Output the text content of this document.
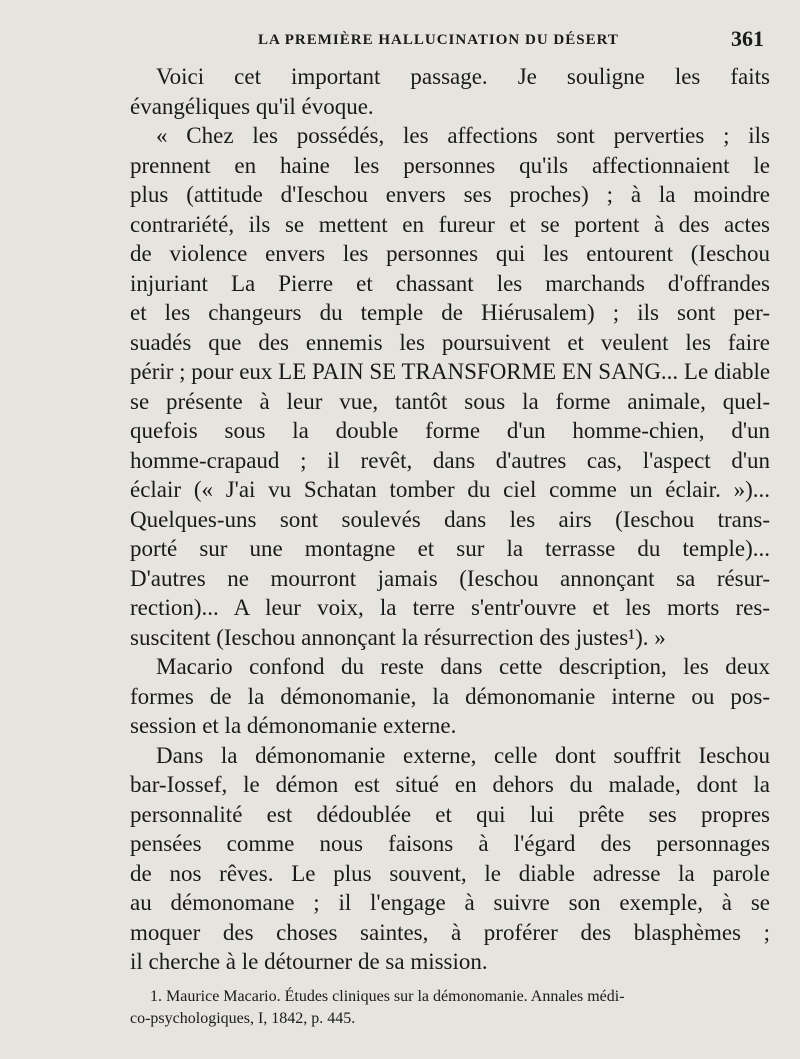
LA PREMIÈRE HALLUCINATION DU DÉSERT	361
Voici cet important passage. Je souligne les faits
évangéliques qu'il évoque.
« Chez les possédés, les affections sont perverties ; ils
prennent en haine les personnes qu'ils affectionnaient le
plus (attitude d'Ieschou envers ses proches) ; à la moindre
contrariété, ils se mettent en fureur et se portent à des actes
de violence envers les personnes qui les entourent (Ieschou
injuriant La Pierre et chassant les marchands d'offrandes
et les changeurs du temple de Hiérusalem) ; ils sont per-
suadés que des ennemis les poursuivent et veulent les faire
périr ; pour eux LE PAIN SE TRANSFORME EN SANG... Le diable
se présente à leur vue, tantôt sous la forme animale, quel-
quefois sous la double forme d'un homme-chien, d'un
homme-crapaud ; il revêt, dans d'autres cas, l'aspect d'un
éclair (« J'ai vu Schatan tomber du ciel comme un éclair. »)...
Quelques-uns sont soulevés dans les airs (Ieschou trans-
porté sur une montagne et sur la terrasse du temple)...
D'autres ne mourront jamais (Ieschou annonçant sa résur-
rection)... A leur voix, la terre s'entr'ouvre et les morts res-
suscitent (Ieschou annonçant la résurrection des justes¹). »
Macario confond du reste dans cette description, les deux
formes de la démonomanie, la démonomanie interne ou pos-
session et la démonomanie externe.
Dans la démonomanie externe, celle dont souffrit Ieschou
bar-Iossef, le démon est situé en dehors du malade, dont la
personnalité est dédoublée et qui lui prête ses propres
pensées comme nous faisons à l'égard des personnages
de nos rêves. Le plus souvent, le diable adresse la parole
au démonomane ; il l'engage à suivre son exemple, à se
moquer des choses saintes, à proférer des blasphèmes ;
il cherche à le détourner de sa mission.
1. Maurice Macario. Études cliniques sur la démonomanie. Annales médi-
co-psychologiques, I, 1842, p. 445.
